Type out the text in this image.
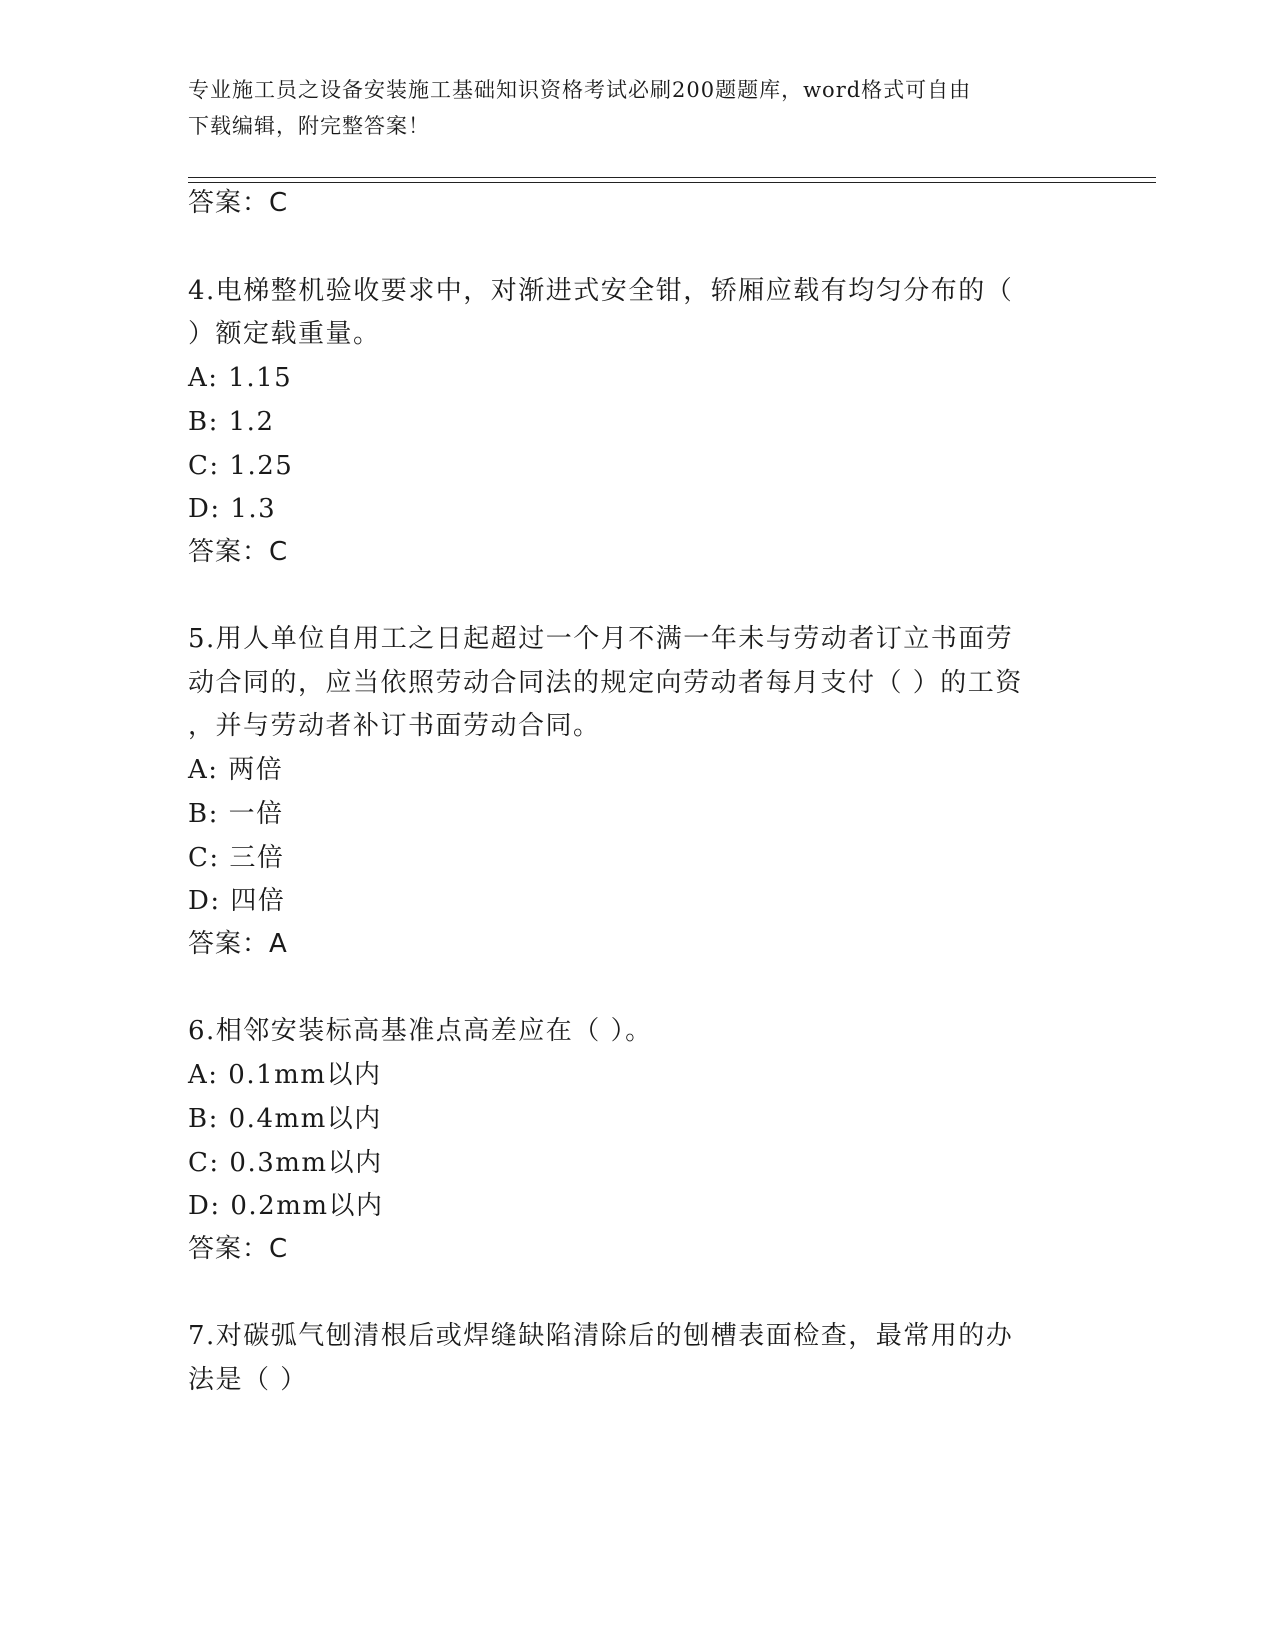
专业施工员之设备安装施工基础知识资格考试必刷200题题库，word格式可自由
下载编辑，附完整答案！
答案：C
4.电梯整机验收要求中，对渐进式安全钳，轿厢应载有均匀分布的（
）额定载重量。
A: 1.15
B: 1.2
C: 1.25
D: 1.3
答案：C
5.用人单位自用工之日起超过一个月不满一年未与劳动者订立书面劳
动合同的，应当依照劳动合同法的规定向劳动者每月支付（ ）的工资
，并与劳动者补订书面劳动合同。
A: 两倍
B: 一倍
C: 三倍
D: 四倍
答案：A
6.相邻安装标高基准点高差应在（ ）。
A: 0.1mm以内
B: 0.4mm以内
C: 0.3mm以内
D: 0.2mm以内
答案：C
7.对碳弧气刨清根后或焊缝缺陷清除后的刨槽表面检查，最常用的办
法是（ ）
